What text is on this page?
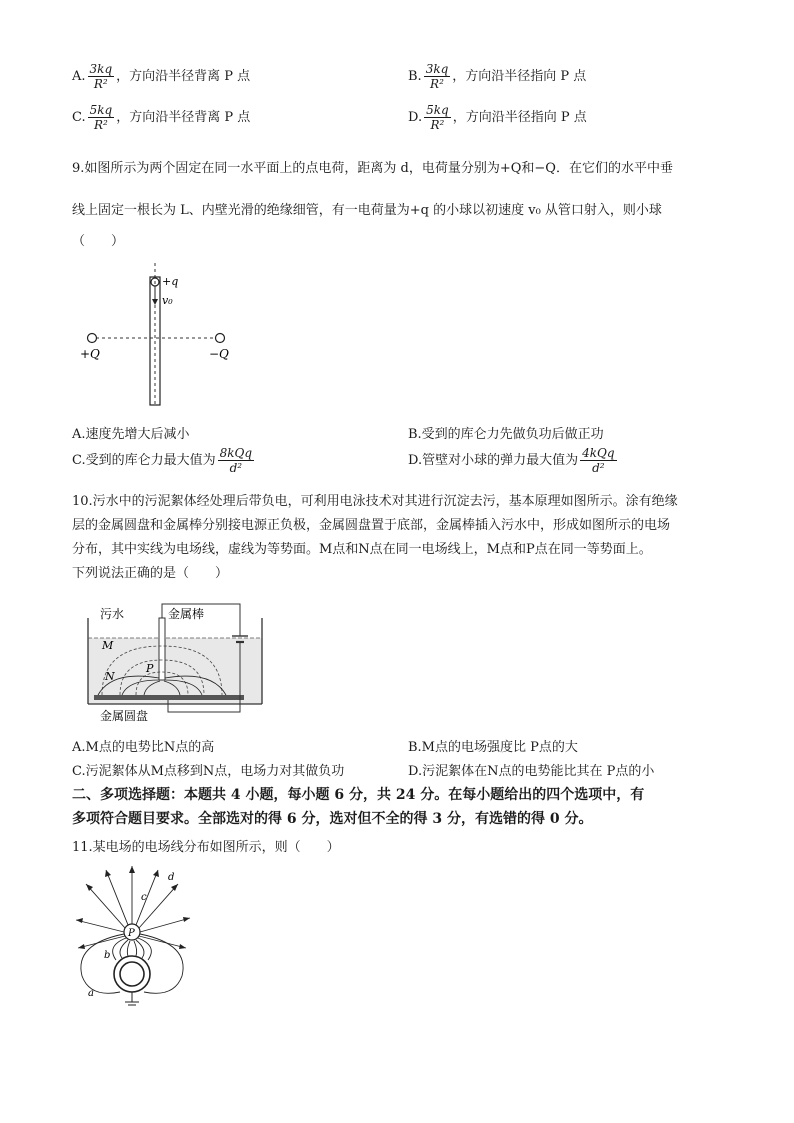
A. $\frac{3kq}{\text{R²}}$ ，方向沿半径背离 P 点	B. $\frac{3kq}{\text{R²}}$ ，方向沿半径指向 P 点
C. $\frac{5kq}{\text{R²}}$ ，方向沿半径背离 P 点	D. $\frac{5kq}{\text{R²}}$ ，方向沿半径指向 P 点
9.如图所示为两个固定在同一水平面上的点电荷，距离为 d，电荷量分别为+Q和−Q．在它们的水平中垂
线上固定一根长为 L、内壁光滑的绝缘细管，有一电荷量为+q 的小球以初速度 v₀ 从管口射入，则小球
（　　）
+q
v₀
+Q	−Q
A.速度先增大后减小	B.受到的库仑力先做负功后做正功
C.受到的库仑力最大值为 $\frac{\text{8kQq}}{\text{d²}}$	D.管壁对小球的弹力最大值为 $\frac{\text{4kQq}}{\text{d²}}$
10.污水中的污泥絮体经处理后带负电，可利用电泳技术对其进行沉淀去污，基本原理如图所示。涂有绝缘
层的金属圆盘和金属棒分别接电源正负极，金属圆盘置于底部，金属棒插入污水中，形成如图所示的电场
分布，其中实线为电场线，虚线为等势面。M点和N点在同一电场线上，M点和P点在同一等势面上。
下列说法正确的是（　　）
污水	金属棒
M
N
P
金属圆盘
A.M点的电势比N点的高	B.M点的电场强度比 P点的大
C.污泥絮体从M点移到N点，电场力对其做负功	D.污泥絮体在N点的电势能比其在 P点的小
二、多项选择题：本题共 4 小题，每小题 6 分，共 24 分。在每小题给出的四个选项中，有
多项符合题目要求。全部选对的得 6 分，选对但不全的得 3 分，有选错的得 0 分。
11.某电场的电场线分布如图所示，则（　　）
P
a
b
c
d
